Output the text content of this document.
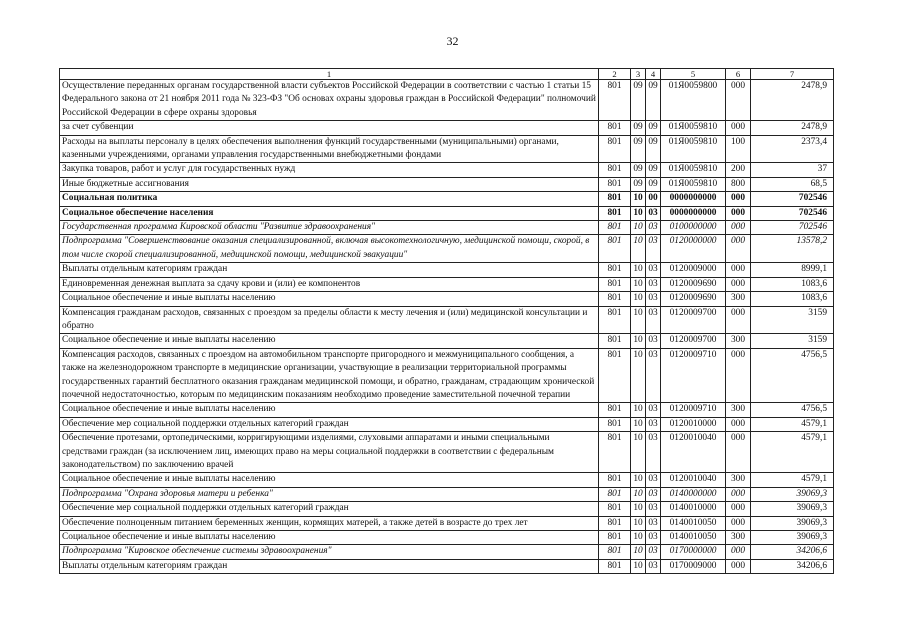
32
1	2	3	4	5	6	7
Осуществление переданных органам государственной власти субъектов Российской Федерации в соответствии с частью 1 статьи 15 Федерального закона от 21 ноября 2011 года № 323-ФЗ "Об основах охраны здоровья граждан в Российской Федерации" полномочий Российской Федерации в сфере охраны здоровья	801	09	09	01Я0059800	000	2478,9
за счет субвенции	801	09	09	01Я0059810	000	2478,9
Расходы на выплаты персоналу в целях обеспечения выполнения функций государственными (муниципальными) органами, казенными учреждениями, органами управления государственными внебюджетными фондами	801	09	09	01Я0059810	100	2373,4
Закупка товаров, работ и услуг для государственных нужд	801	09	09	01Я0059810	200	37
Иные бюджетные ассигнования	801	09	09	01Я0059810	800	68,5
Социальная политика	801	10	00	0000000000	000	702546
Социальное обеспечение населения	801	10	03	0000000000	000	702546
Государственная программа Кировской области "Развитие здравоохранения"	801	10	03	0100000000	000	702546
Подпрограмма "Совершенствование оказания специализированной, включая высокотехнологичную, медицинской помощи, скорой, в том числе скорой специализированной, медицинской помощи, медицинской эвакуации"	801	10	03	0120000000	000	13578,2
Выплаты отдельным категориям граждан	801	10	03	0120009000	000	8999,1
Единовременная денежная выплата за сдачу крови и (или) ее компонентов	801	10	03	0120009690	000	1083,6
Социальное обеспечение и иные выплаты населению	801	10	03	0120009690	300	1083,6
Компенсация гражданам расходов, связанных с проездом за пределы области к месту лечения и (или) медицинской консультации и обратно	801	10	03	0120009700	000	3159
Социальное обеспечение и иные выплаты населению	801	10	03	0120009700	300	3159
Компенсация расходов, связанных с проездом на автомобильном транспорте пригородного и межмуниципального сообщения, а также на железнодорожном транспорте в медицинские организации, участвующие в реализации территориальной программы государственных гарантий бесплатного оказания гражданам медицинской помощи, и обратно, гражданам, страдающим хронической почечной недостаточностью, которым по медицинским показаниям необходимо проведение заместительной почечной терапии	801	10	03	0120009710	000	4756,5
Социальное обеспечение и иные выплаты населению	801	10	03	0120009710	300	4756,5
Обеспечение мер социальной поддержки отдельных категорий граждан	801	10	03	0120010000	000	4579,1
Обеспечение протезами, ортопедическими, корригирующими изделиями, слуховыми аппаратами и иными специальными средствами граждан (за исключением лиц, имеющих право на меры социальной поддержки в соответствии с федеральным законодательством) по заключению врачей	801	10	03	0120010040	000	4579,1
Социальное обеспечение и иные выплаты населению	801	10	03	0120010040	300	4579,1
Подпрограмма "Охрана здоровья матери и ребенка"	801	10	03	0140000000	000	39069,3
Обеспечение мер социальной поддержки отдельных категорий граждан	801	10	03	0140010000	000	39069,3
Обеспечение полноценным питанием беременных женщин, кормящих матерей, а также детей в возрасте до трех лет	801	10	03	0140010050	000	39069,3
Социальное обеспечение и иные выплаты населению	801	10	03	0140010050	300	39069,3
Подпрограмма "Кировское обеспечение системы здравоохранения"	801	10	03	0170000000	000	34206,6
Выплаты отдельным категориям граждан	801	10	03	0170009000	000	34206,6
